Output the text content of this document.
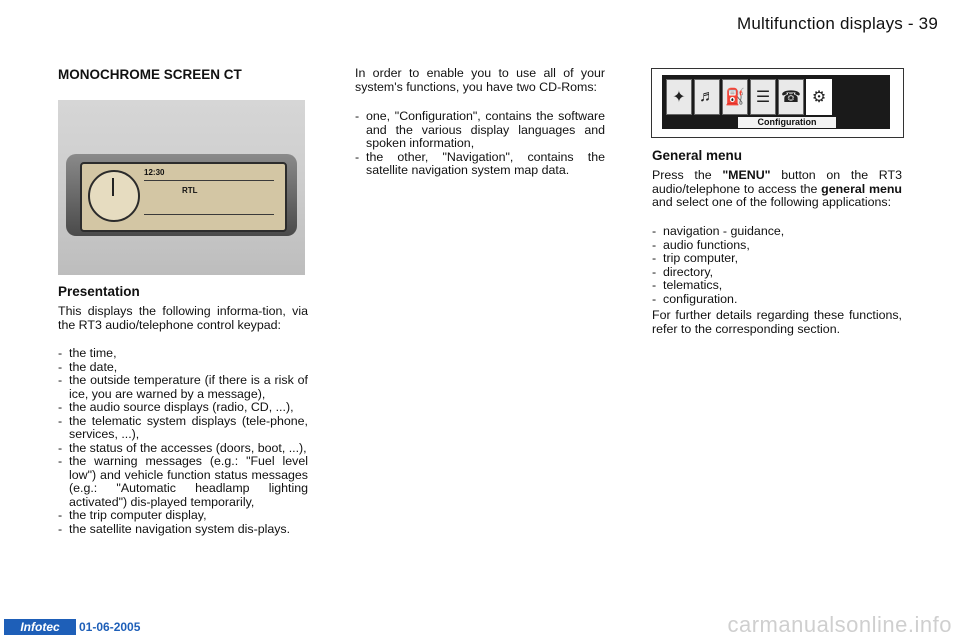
Multifunction displays - 39
MONOCHROME SCREEN CT
12:30
RTL
Presentation
This displays the following informa-tion, via the RT3 audio/telephone control keypad:
- the time,
- the date,
- the outside temperature (if there is a risk of ice, you are warned by a message),
- the audio source displays (radio, CD, ...),
- the telematic system displays (tele-phone, services, ...),
- the status of the accesses (doors, boot, ...),
- the warning messages (e.g.: "Fuel level low") and vehicle function status messages (e.g.: "Automatic headlamp lighting activated") dis-played temporarily,
- the trip computer display,
- the satellite navigation system dis-plays.
In order to enable you to use all of your system's functions, you have two CD-Roms:
- one, "Configuration", contains the software and the various display languages and spoken information,
- the other, "Navigation", contains the satellite navigation system map data.
✦ ♬ ⛽ ☰ ☎ ⚙
Configuration
General menu
Press the "MENU" button on the RT3 audio/telephone to access the general menu and select one of the following applications:
- navigation - guidance,
- audio functions,
- trip computer,
- directory,
- telematics,
- configuration.
For further details regarding these functions, refer to the corresponding section.
Infotec	01-06-2005	carmanualsonline.info
